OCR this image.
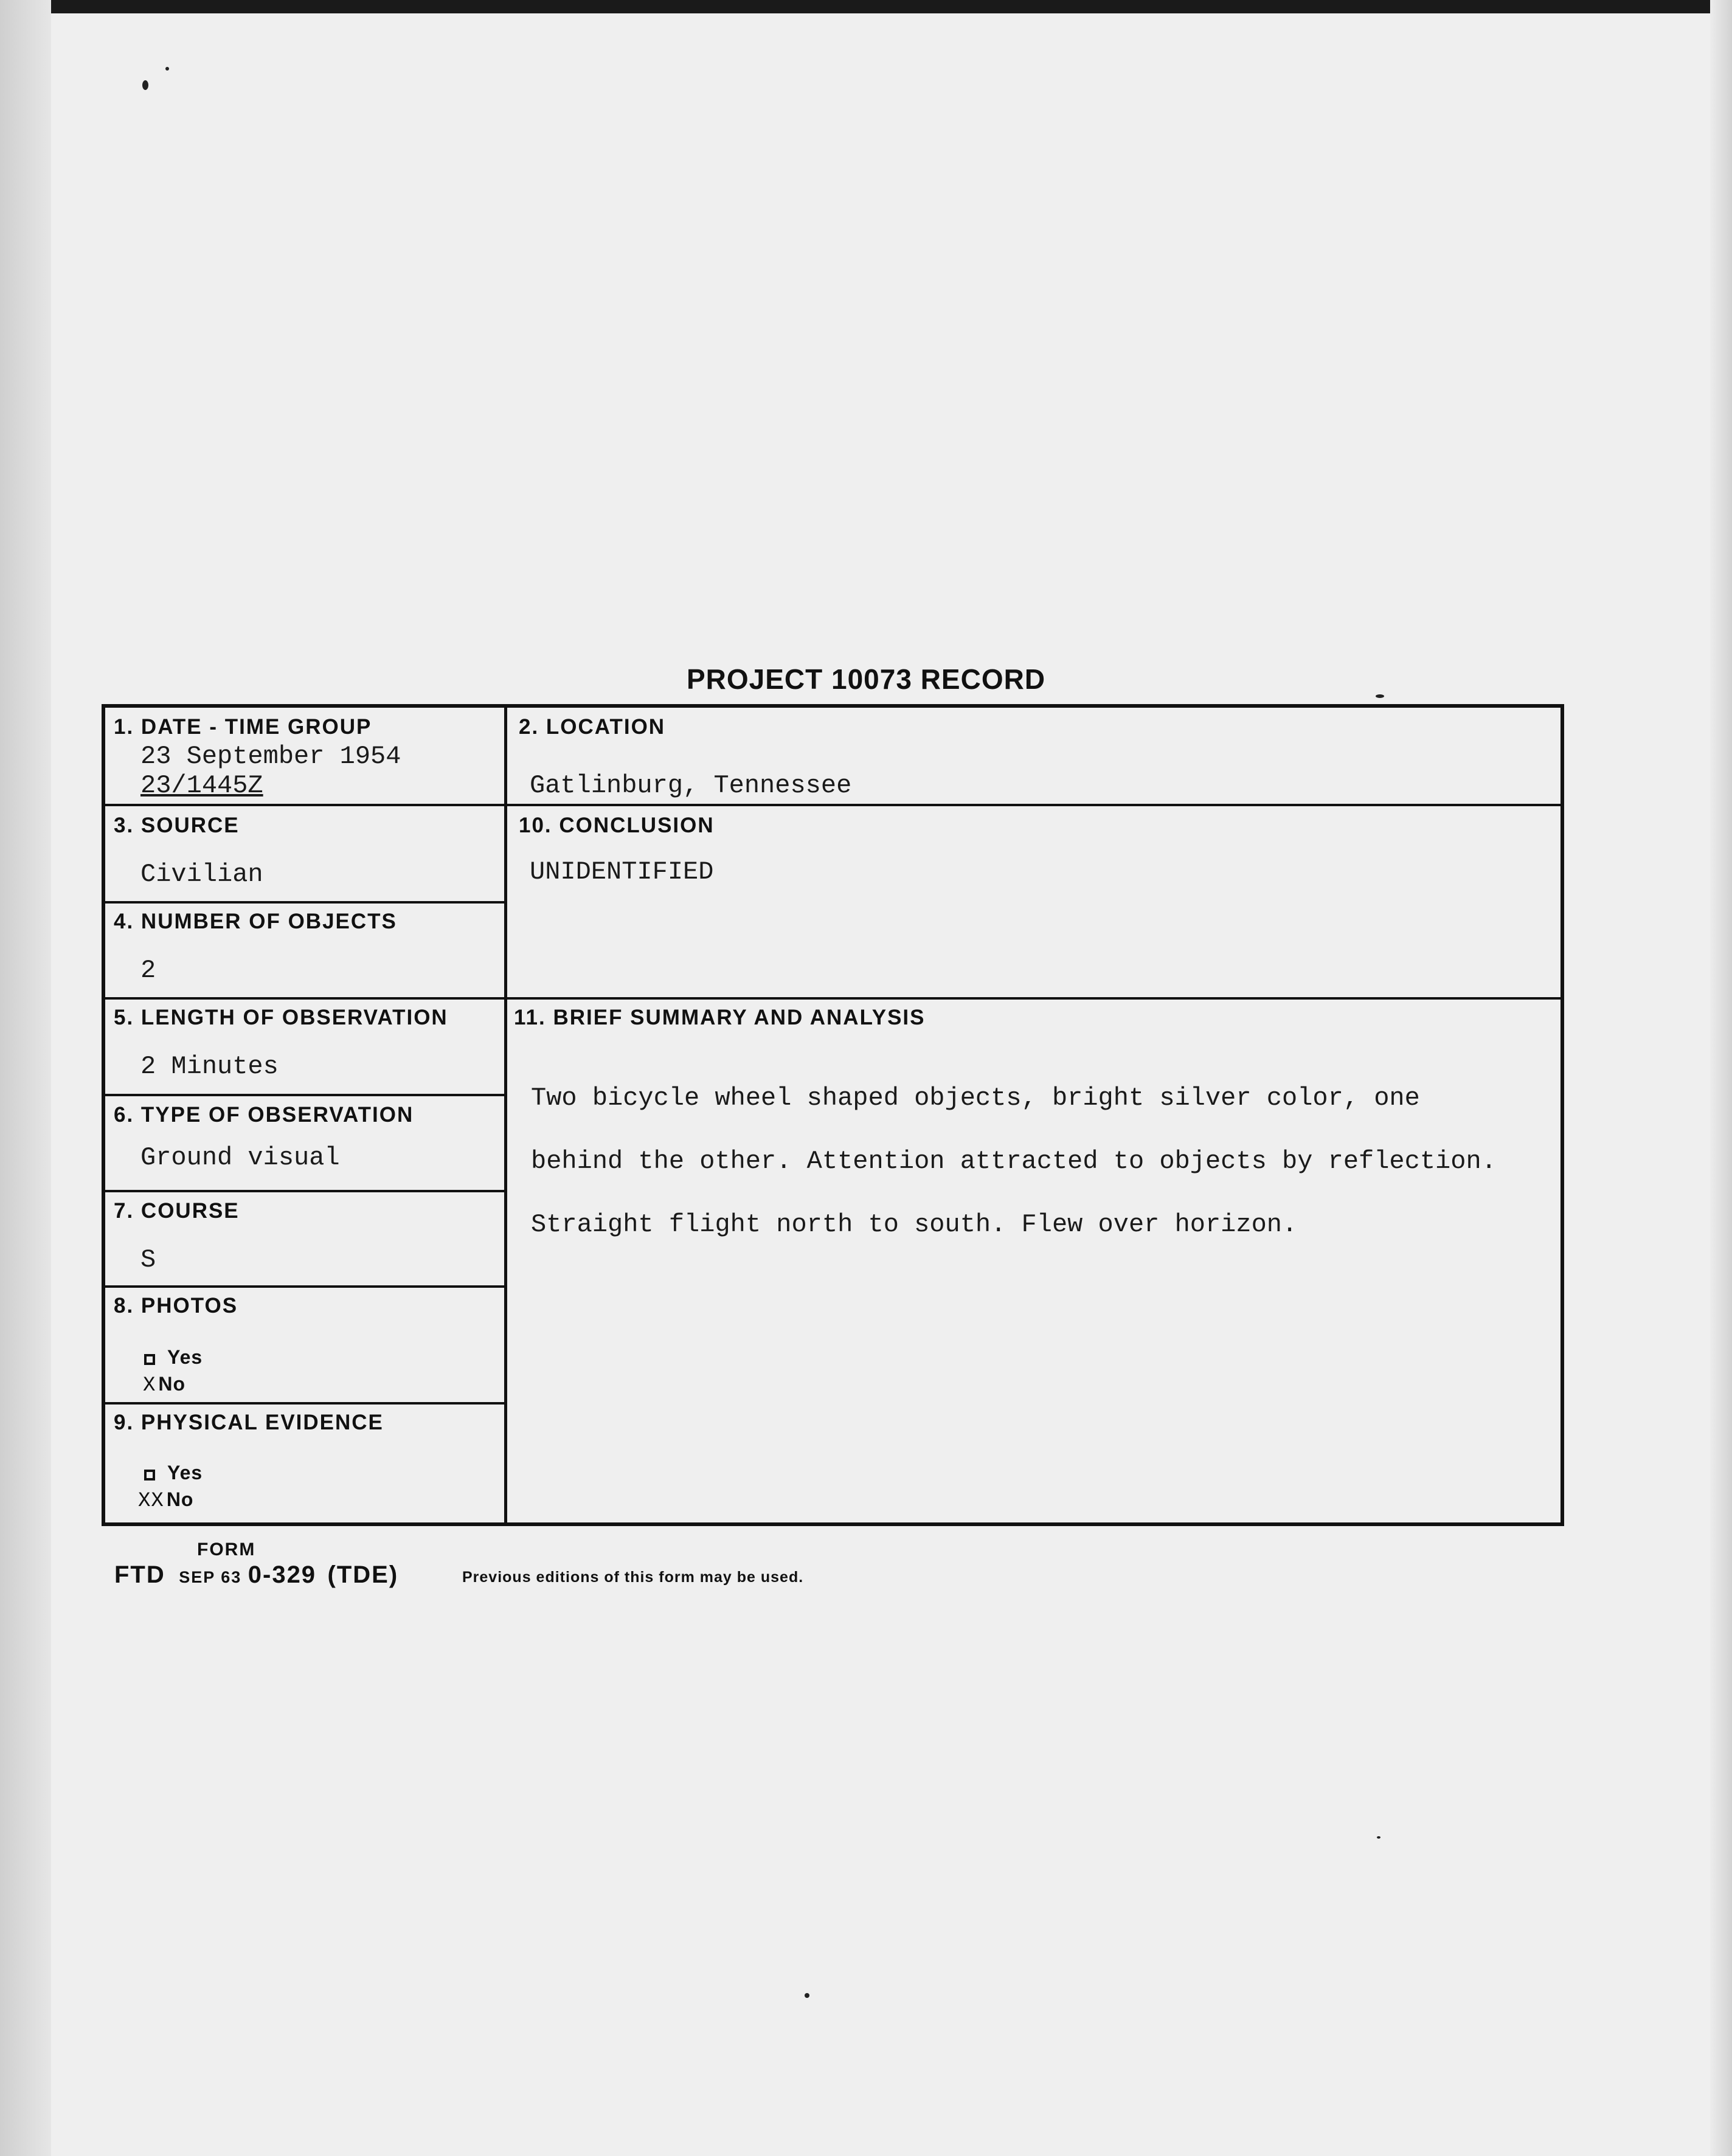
PROJECT 10073 RECORD
1. DATE - TIME GROUP
23 September 1954
23/1445Z
2. LOCATION
Gatlinburg, Tennessee
3. SOURCE
Civilian
10. CONCLUSION
UNIDENTIFIED
4. NUMBER OF OBJECTS
2
5. LENGTH OF OBSERVATION
2 Minutes
11. BRIEF SUMMARY AND ANALYSIS

Two bicycle wheel shaped objects, bright silver color, one

behind the other. Attention attracted to objects by reflection.

Straight flight north to south. Flew over horizon.

6. TYPE OF OBSERVATION
Ground visual
7. COURSE
S
8. PHOTOS
Yes
X No
9. PHYSICAL EVIDENCE
Yes
XX No
FORM
FTD SEP 63 0-329 (TDE)	Previous editions of this form may be used.
